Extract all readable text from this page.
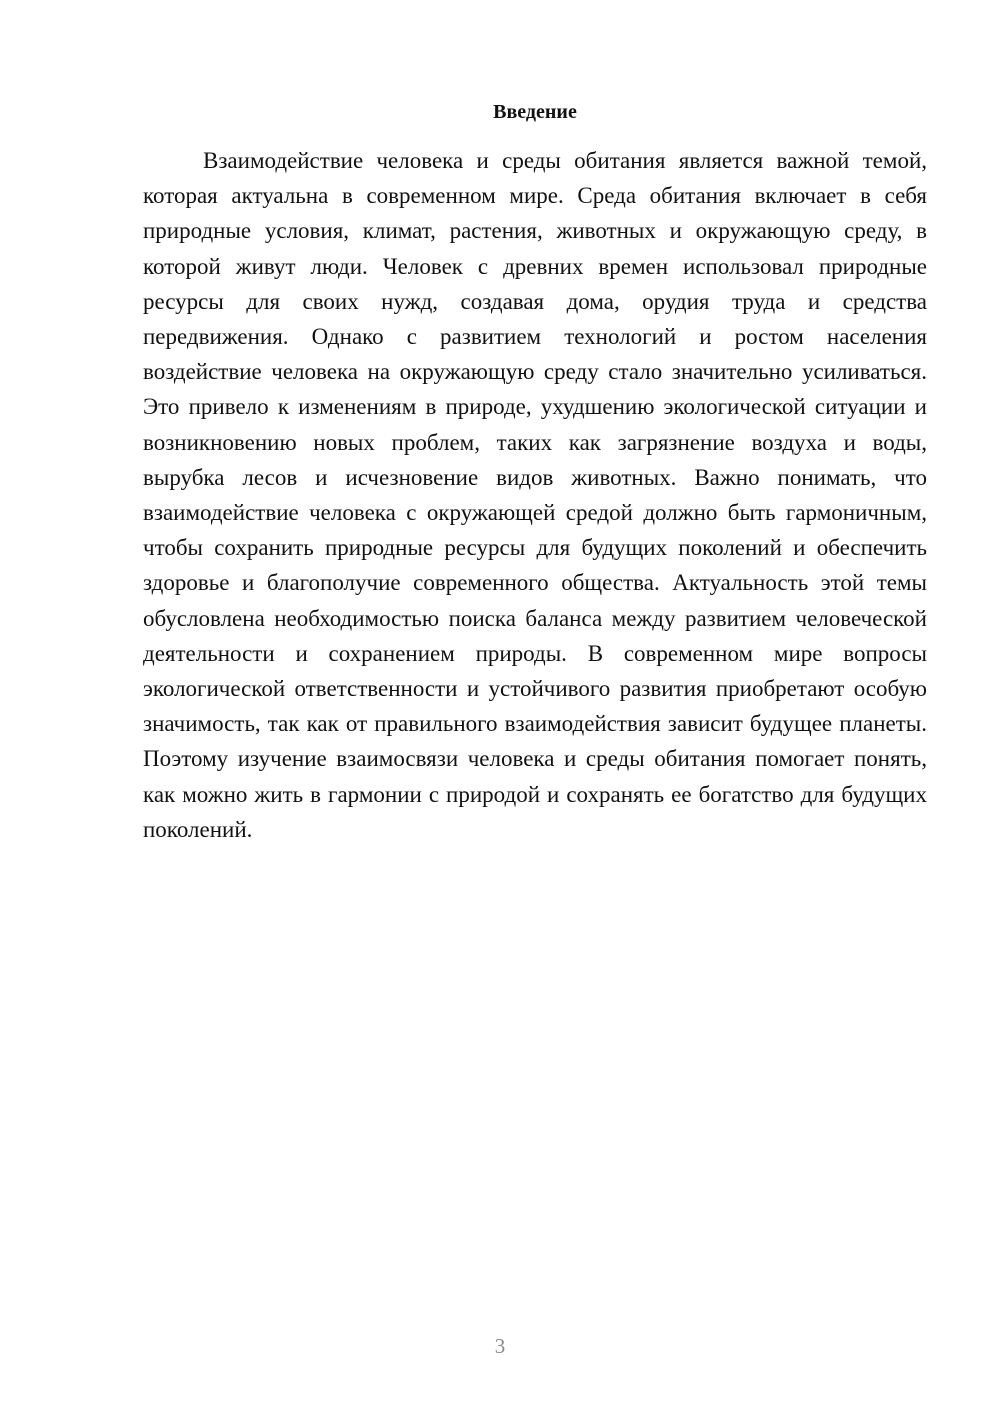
Введение

Взаимодействие человека и среды обитания является важной темой, которая актуальна в современном мире. Среда обитания включает в себя природные условия, климат, растения, животных и окружающую среду, в которой живут люди. Человек с древних времен использовал природные ресурсы для своих нужд, создавая дома, орудия труда и средства передвижения. Однако с развитием технологий и ростом населения воздействие человека на окружающую среду стало значительно усиливаться. Это привело к изменениям в природе, ухудшению экологической ситуации и возникновению новых проблем, таких как загрязнение воздуха и воды, вырубка лесов и исчезновение видов животных. Важно понимать, что взаимодействие человека с окружающей средой должно быть гармоничным, чтобы сохранить природные ресурсы для будущих поколений и обеспечить здоровье и благополучие современного общества. Актуальность этой темы обусловлена необходимостью поиска баланса между развитием человеческой деятельности и сохранением природы. В современном мире вопросы экологической ответственности и устойчивого развития приобретают особую значимость, так как от правильного взаимодействия зависит будущее планеты. Поэтому изучение взаимосвязи человека и среды обитания помогает понять, как можно жить в гармонии с природой и сохранять ее богатство для будущих поколений.

3
